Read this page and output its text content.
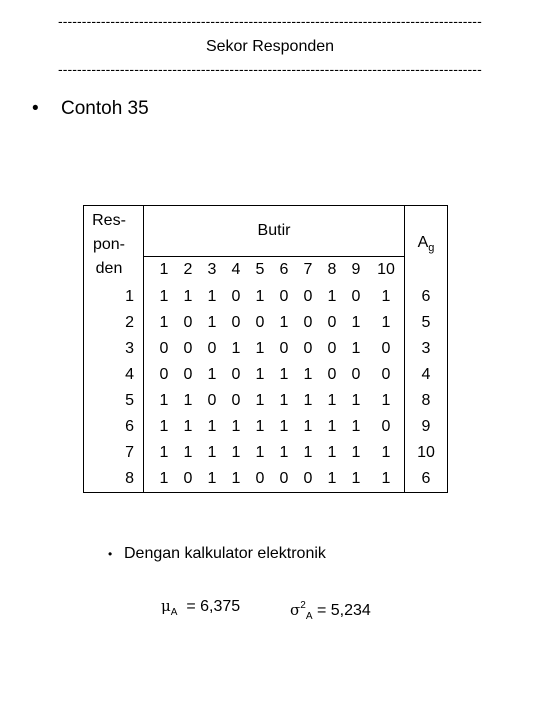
-----------------------------------------------------------------------------------------
Sekor Responden
-----------------------------------------------------------------------------------------
• Contoh 35
Res-
pon-
den	Butir										$A_g$
	1	2	3	4	5	6	7	8	9	10	
1	1	1	1	0	1	0	0	1	0	1	6
2	1	0	1	0	0	1	0	0	1	1	5
3	0	0	0	1	1	0	0	0	1	0	3
4	0	0	1	0	1	1	1	0	0	0	4
5	1	1	0	0	1	1	1	1	1	1	8
6	1	1	1	1	1	1	1	1	1	0	9
7	1	1	1	1	1	1	1	1	1	1	10
8	1	0	1	1	0	0	0	1	1	1	6
• Dengan kalkulator elektronik
$\mu_A = 6,375$	$\sigma^2_A = 5,234$
